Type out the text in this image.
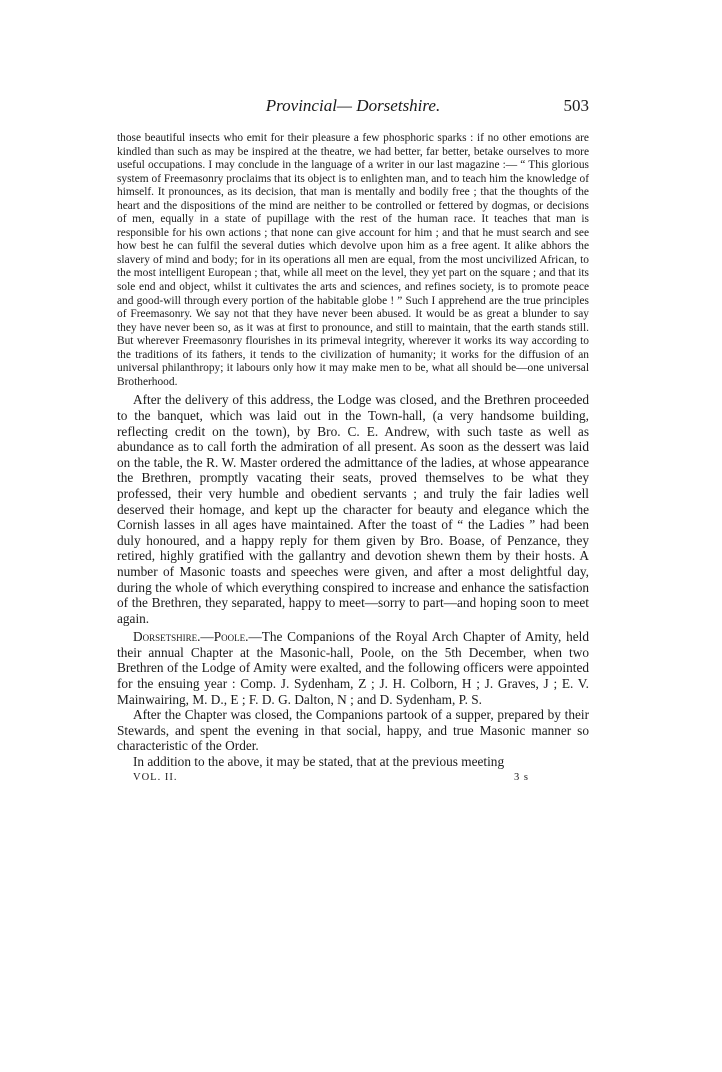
Provincial— Dorsetshire.	503

those beautiful insects who emit for their pleasure a few phosphoric sparks : if no other emotions are kindled than such as may be inspired at the theatre, we had better, far better, betake ourselves to more useful occupations. I may conclude in the language of a writer in our last magazine :— “ This glorious system of Freemasonry proclaims that its object is to enlighten man, and to teach him the knowledge of himself. It pronounces, as its decision, that man is mentally and bodily free ; that the thoughts of the heart and the dispositions of the mind are neither to be controlled or fettered by dogmas, or decisions of men, equally in a state of pupillage with the rest of the human race. It teaches that man is responsible for his own actions ; that none can give account for him ; and that he must search and see how best he can fulfil the several duties which devolve upon him as a free agent. It alike abhors the slavery of mind and body; for in its operations all men are equal, from the most uncivilized African, to the most intelligent European ; that, while all meet on the level, they yet part on the square ; and that its sole end and object, whilst it cultivates the arts and sciences, and refines society, is to promote peace and good-will through every portion of the habitable globe ! ” Such I apprehend are the true principles of Freemasonry. We say not that they have never been abused. It would be as great a blunder to say they have never been so, as it was at first to pronounce, and still to maintain, that the earth stands still. But wherever Freemasonry flourishes in its primeval integrity, wherever it works its way according to the traditions of its fathers, it tends to the civilization of humanity; it works for the diffusion of an universal philanthropy; it labours only how it may make men to be, what all should be—one universal Brotherhood.

After the delivery of this address, the Lodge was closed, and the Brethren proceeded to the banquet, which was laid out in the Town-hall, (a very handsome building, reflecting credit on the town), by Bro. C. E. Andrew, with such taste as well as abundance as to call forth the admiration of all present. As soon as the dessert was laid on the table, the R. W. Master ordered the admittance of the ladies, at whose appearance the Brethren, promptly vacating their seats, proved themselves to be what they professed, their very humble and obedient servants ; and truly the fair ladies well deserved their homage, and kept up the character for beauty and elegance which the Cornish lasses in all ages have maintained. After the toast of “ the Ladies ” had been duly honoured, and a happy reply for them given by Bro. Boase, of Penzance, they retired, highly gratified with the gallantry and devotion shewn them by their hosts. A number of Masonic toasts and speeches were given, and after a most delightful day, during the whole of which everything conspired to increase and enhance the satisfaction of the Brethren, they separated, happy to meet—sorry to part—and hoping soon to meet again.

Dorsetshire.—Poole.—The Companions of the Royal Arch Chapter of Amity, held their annual Chapter at the Masonic-hall, Poole, on the 5th December, when two Brethren of the Lodge of Amity were exalted, and the following officers were appointed for the ensuing year : Comp. J. Sydenham, Z ; J. H. Colborn, H ; J. Graves, J ; E. V. Mainwairing, M. D., E ; F. D. G. Dalton, N ; and D. Sydenham, P. S.

After the Chapter was closed, the Companions partook of a supper, prepared by their Stewards, and spent the evening in that social, happy, and true Masonic manner so characteristic of the Order.

In addition to the above, it may be stated, that at the previous meeting

VOL. II.	3 s
